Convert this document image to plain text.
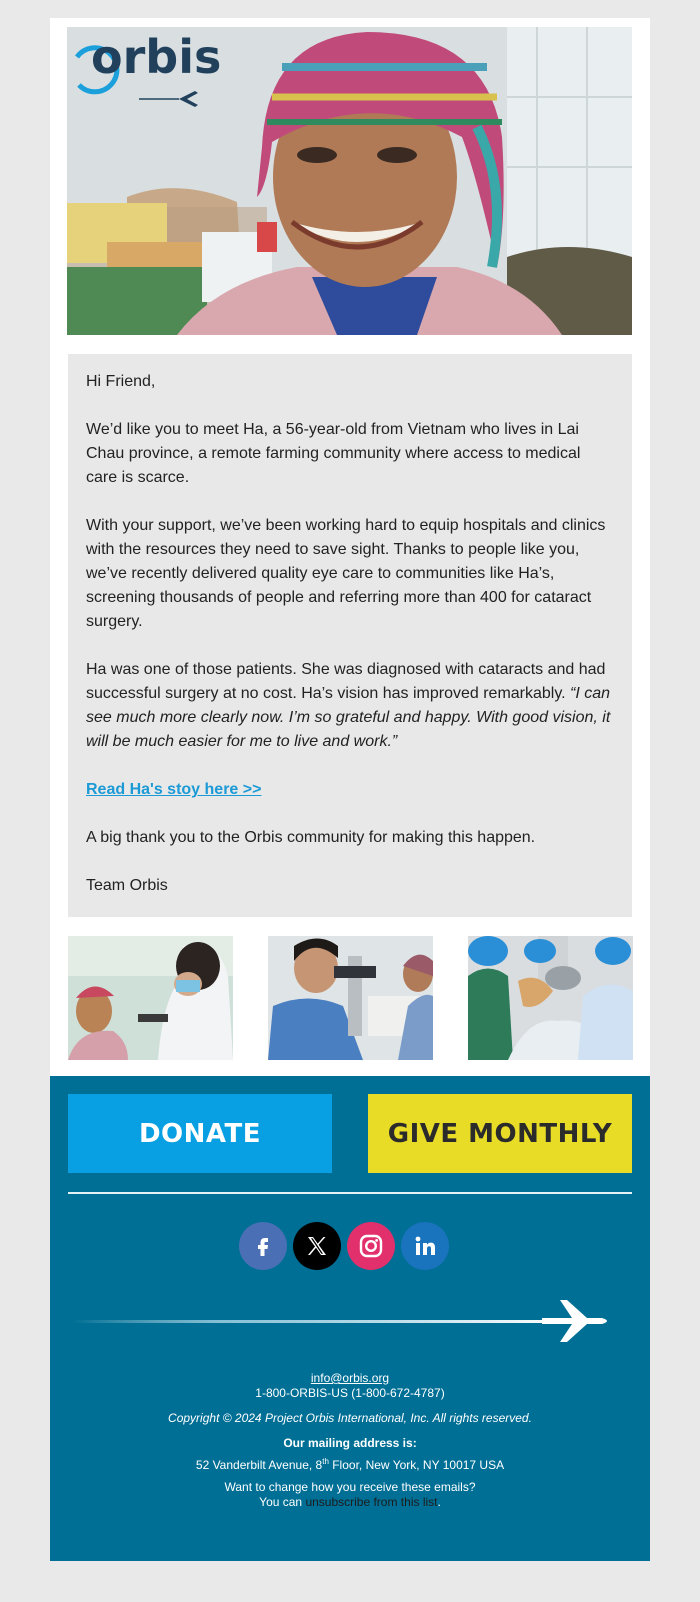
orbis
Hi Friend,
We’d like you to meet Ha, a 56-year-old from Vietnam who lives in Lai Chau province, a remote farming community where access to medical care is scarce.
With your support, we’ve been working hard to equip hospitals and clinics with the resources they need to save sight. Thanks to people like you, we’ve recently delivered quality eye care to communities like Ha’s, screening thousands of people and referring more than 400 for cataract surgery.
Ha was one of those patients. She was diagnosed with cataracts and had successful surgery at no cost. Ha’s vision has improved remarkably. “I can see much more clearly now. I’m so grateful and happy. With good vision, it will be much easier for me to live and work.”
Read Ha's stoy here >>
A big thank you to the Orbis community for making this happen.
Team Orbis
DONATE	GIVE MONTHLY
info@orbis.org
1-800-ORBIS-US (1-800-672-4787)
Copyright © 2024 Project Orbis International, Inc. All rights reserved.
Our mailing address is:
52 Vanderbilt Avenue, 8th Floor, New York, NY 10017 USA
Want to change how you receive these emails?
You can unsubscribe from this list.
